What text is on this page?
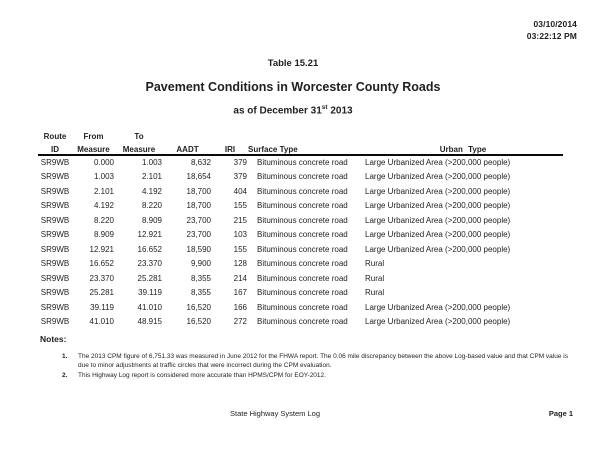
03/10/2014
03:22:12 PM
Table 15.21
Pavement Conditions in Worcester County Roads
as of December 31st 2013
Route	From	To				
ID	Measure	Measure	AADT	IRI	Surface Type	Urban Type
SR9WB	0.000	1.003	8,632	379	Bituminous concrete road	Large Urbanized Area (>200,000 people)
SR9WB	1.003	2.101	18,654	379	Bituminous concrete road	Large Urbanized Area (>200,000 people)
SR9WB	2.101	4.192	18,700	404	Bituminous concrete road	Large Urbanized Area (>200,000 people)
SR9WB	4.192	8.220	18,700	155	Bituminous concrete road	Large Urbanized Area (>200,000 people)
SR9WB	8.220	8.909	23,700	215	Bituminous concrete road	Large Urbanized Area (>200,000 people)
SR9WB	8.909	12.921	23,700	103	Bituminous concrete road	Large Urbanized Area (>200,000 people)
SR9WB	12.921	16.652	18,590	155	Bituminous concrete road	Large Urbanized Area (>200,000 people)
SR9WB	16.652	23.370	9,900	128	Bituminous concrete road	Rural
SR9WB	23.370	25.281	8,355	214	Bituminous concrete road	Rural
SR9WB	25.281	39.119	8,355	167	Bituminous concrete road	Rural
SR9WB	39.119	41.010	16,520	166	Bituminous concrete road	Large Urbanized Area (>200,000 people)
SR9WB	41.010	48.915	16,520	272	Bituminous concrete road	Large Urbanized Area (>200,000 people)
Notes:
1.	The 2013 CPM figure of 6,751.33 was measured in June 2012 for the FHWA report. The 0.06 mile discrepancy between the above Log-based value and that CPM value is due to minor adjustments at traffic circles that were incorrect during the CPM evaluation.
2.	This Highway Log report is considered more accurate than HPMS/CPM for EOY-2012.
State Highway System Log	Page 1
